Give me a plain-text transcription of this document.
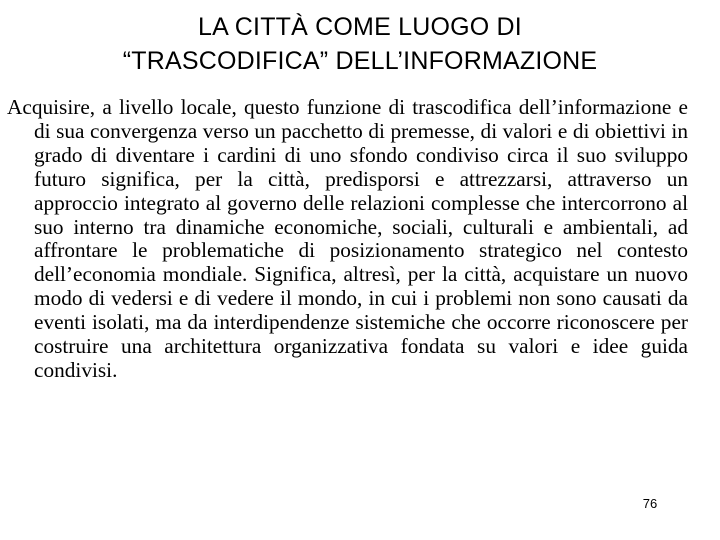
LA CITTÀ COME LUOGO DI
“TRASCODIFICA” DELL’INFORMAZIONE

Acquisire, a livello locale, questo funzione di trascodifica dell’informazione e di sua convergenza verso un pacchetto di premesse, di valori e di obiettivi in grado di diventare i cardini di uno sfondo condiviso circa il suo sviluppo futuro significa, per la città, predisporsi e attrezzarsi, attraverso un approccio integrato al governo delle relazioni complesse che intercorrono al suo interno tra dinamiche economiche, sociali, culturali e ambientali, ad affrontare le problematiche di posizionamento strategico nel contesto dell’economia mondiale. Significa, altresì, per la città, acquistare un nuovo modo di vedersi e di vedere il mondo, in cui i problemi non sono causati da eventi isolati, ma da interdipendenze sistemiche che occorre riconoscere per costruire una architettura organizzativa fondata su valori e idee guida condivisi.

76
